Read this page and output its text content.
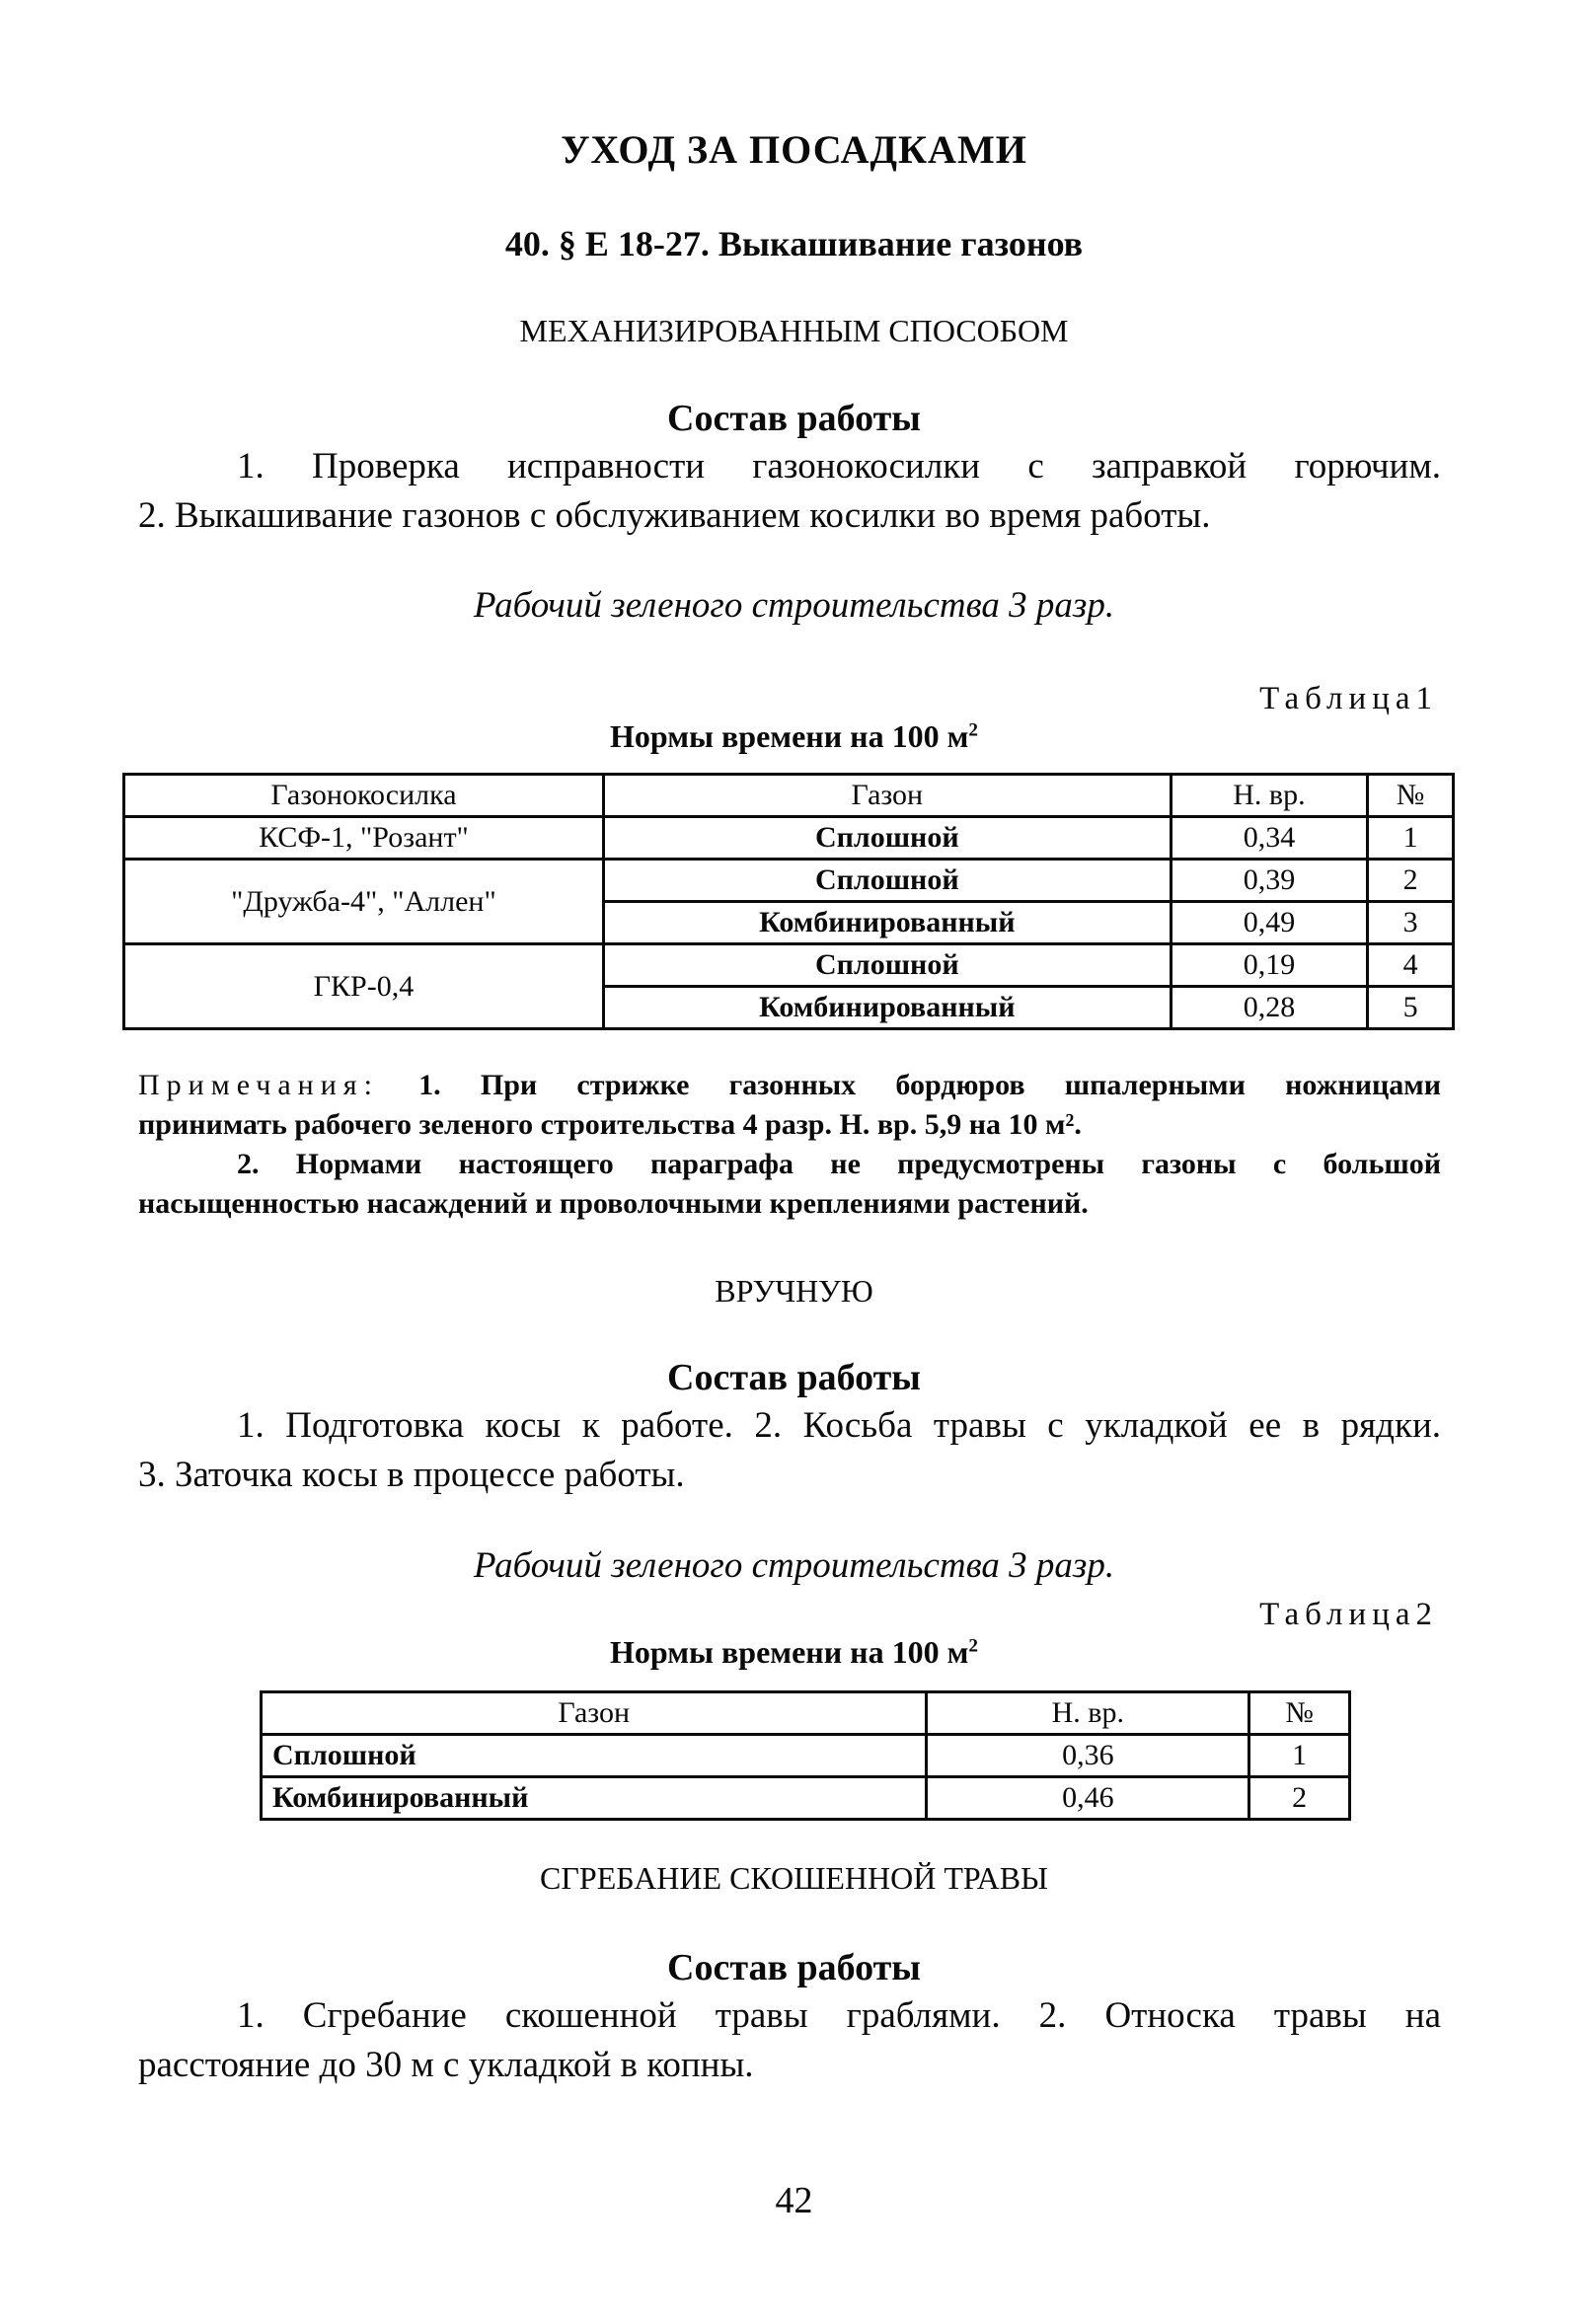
УХОД ЗА ПОСАДКАМИ
40. § Е 18-27. Выкашивание газонов
МЕХАНИЗИРОВАННЫМ СПОСОБОМ
Состав работы
1. Проверка исправности газонокосилки с заправкой горючим.
2. Выкашивание газонов с обслуживанием косилки во время работы.
Рабочий зеленого строительства 3 разр.
Таблица1
Нормы времени на 100 $м^2$
Газонокосилка	Газон	Н. вр.	№
КСФ-1, "Розант"	Сплошной	0,34	1
"Дружба-4", "Аллен"	Сплошной	0,39	2
	Комбинированный	0,49	3
ГКР-0,4	Сплошной	0,19	4
	Комбинированный	0,28	5
Примечания: 1. При стрижке газонных бордюров шпалерными ножницами
принимать рабочего зеленого строительства 4 разр. Н. вр. 5,9 на 10 м².
2. Нормами настоящего параграфа не предусмотрены газоны с большой
насыщенностью насаждений и проволочными креплениями растений.
ВРУЧНУЮ
Состав работы
1. Подготовка косы к работе. 2. Косьба травы с укладкой ее в рядки.
3. Заточка косы в процессе работы.
Рабочий зеленого строительства 3 разр.
Таблица2
Нормы времени на 100 $м^2$
Газон	Н. вр.	№
Сплошной	0,36	1
Комбинированный	0,46	2
СГРЕБАНИЕ СКОШЕННОЙ ТРАВЫ
Состав работы
1. Сгребание скошенной травы граблями. 2. Относка травы на
расстояние до 30 м с укладкой в копны.
42
